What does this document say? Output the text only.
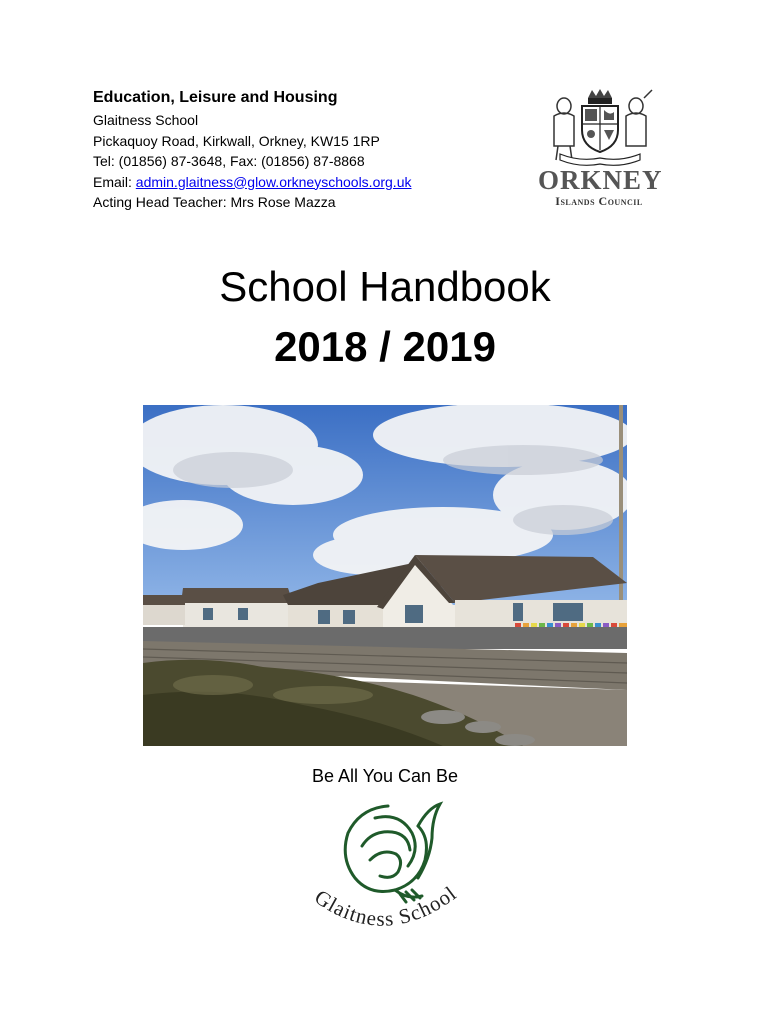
Education, Leisure and Housing
Glaitness School
Pickaquoy Road, Kirkwall, Orkney, KW15 1RP
Tel: (01856) 87-3648, Fax: (01856) 87-8868
Email: admin.glaitness@glow.orkneyschools.org.uk
Acting Head Teacher: Mrs Rose Mazza
ORKNEY
Islands Council
School Handbook
2018 / 2019
Be All You Can Be
Glaitness School
